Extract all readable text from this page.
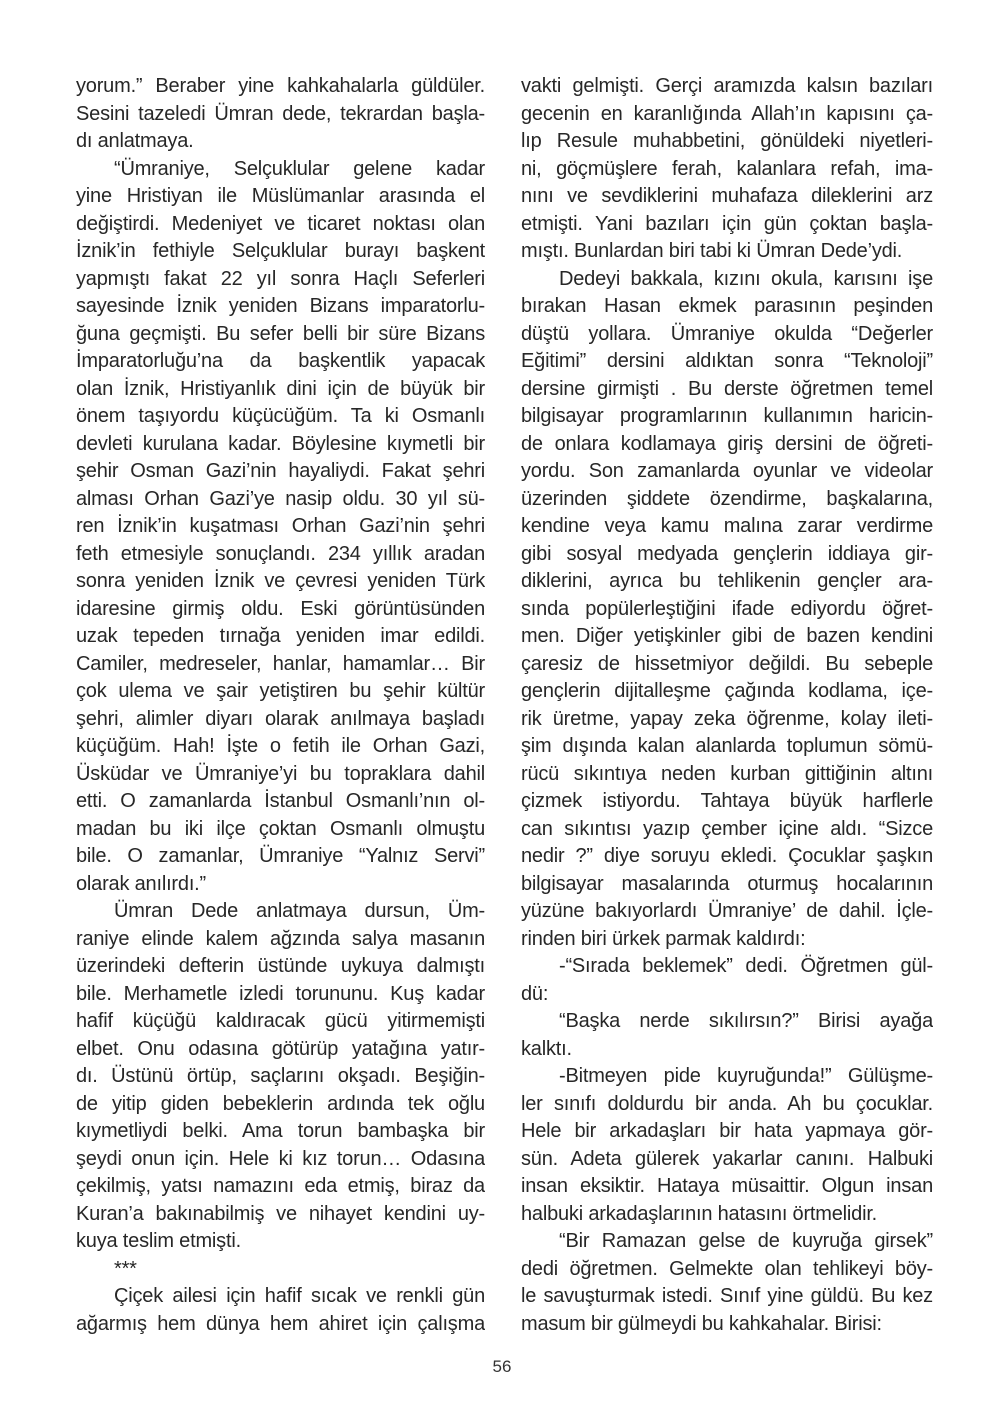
yorum.” Beraber yine kahkahalarla güldüler.
Sesini tazeledi Ümran dede, tekrardan başla-
dı anlatmaya.
“Ümraniye, Selçuklular gelene kadar
yine Hristiyan ile Müslümanlar arasında el
değiştirdi. Medeniyet ve ticaret noktası olan
İznik’in fethiyle Selçuklular burayı başkent
yapmıştı fakat 22 yıl sonra Haçlı Seferleri
sayesinde İznik yeniden Bizans imparatorlu-
ğuna geçmişti. Bu sefer belli bir süre Bizans
İmparatorluğu’na da başkentlik yapacak
olan İznik, Hristiyanlık dini için de büyük bir
önem taşıyordu küçücüğüm. Ta ki Osmanlı
devleti kurulana kadar. Böylesine kıymetli bir
şehir Osman Gazi’nin hayaliydi. Fakat şehri
alması Orhan Gazi’ye nasip oldu. 30 yıl sü-
ren İznik’in kuşatması Orhan Gazi’nin şehri
feth etmesiyle sonuçlandı. 234 yıllık aradan
sonra yeniden İznik ve çevresi yeniden Türk
idaresine girmiş oldu. Eski görüntüsünden
uzak tepeden tırnağa yeniden imar edildi.
Camiler, medreseler, hanlar, hamamlar… Bir
çok ulema ve şair yetiştiren bu şehir kültür
şehri, alimler diyarı olarak anılmaya başladı
küçüğüm. Hah! İşte o fetih ile Orhan Gazi,
Üsküdar ve Ümraniye’yi bu topraklara dahil
etti. O zamanlarda İstanbul Osmanlı’nın ol-
madan bu iki ilçe çoktan Osmanlı olmuştu
bile. O zamanlar, Ümraniye “Yalnız Servi”
olarak anılırdı.”
Ümran Dede anlatmaya dursun, Üm-
raniye elinde kalem ağzında salya masanın
üzerindeki defterin üstünde uykuya dalmıştı
bile. Merhametle izledi torununu. Kuş kadar
hafif küçüğü kaldıracak gücü yitirmemişti
elbet. Onu odasına götürüp yatağına yatır-
dı. Üstünü örtüp, saçlarını okşadı. Beşiğin-
de yitip giden bebeklerin ardında tek oğlu
kıymetliydi belki. Ama torun bambaşka bir
şeydi onun için. Hele ki kız torun… Odasına
çekilmiş, yatsı namazını eda etmiş, biraz da
Kuran’a bakınabilmiş ve nihayet kendini uy-
kuya teslim etmişti.
***
Çiçek ailesi için hafif sıcak ve renkli gün
ağarmış hem dünya hem ahiret için çalışma
vakti gelmişti. Gerçi aramızda kalsın bazıları
gecenin en karanlığında Allah’ın kapısını ça-
lıp Resule muhabbetini, gönüldeki niyetleri-
ni, göçmüşlere ferah, kalanlara refah, ima-
nını ve sevdiklerini muhafaza dileklerini arz
etmişti. Yani bazıları için gün çoktan başla-
mıştı. Bunlardan biri tabi ki Ümran Dede’ydi.
Dedeyi bakkala, kızını okula, karısını işe
bırakan Hasan ekmek parasının peşinden
düştü yollara. Ümraniye okulda “Değerler
Eğitimi” dersini aldıktan sonra “Teknoloji”
dersine girmişti . Bu derste öğretmen temel
bilgisayar programlarının kullanımın haricin-
de onlara kodlamaya giriş dersini de öğreti-
yordu. Son zamanlarda oyunlar ve videolar
üzerinden şiddete özendirme, başkalarına,
kendine veya kamu malına zarar verdirme
gibi sosyal medyada gençlerin iddiaya gir-
diklerini, ayrıca bu tehlikenin gençler ara-
sında popülerleştiğini ifade ediyordu öğret-
men. Diğer yetişkinler gibi de bazen kendini
çaresiz de hissetmiyor değildi. Bu sebeple
gençlerin dijitalleşme çağında kodlama, içe-
rik üretme, yapay zeka öğrenme, kolay ileti-
şim dışında kalan alanlarda toplumun sömü-
rücü sıkıntıya neden kurban gittiğinin altını
çizmek istiyordu. Tahtaya büyük harflerle
can sıkıntısı yazıp çember içine aldı. “Sizce
nedir ?” diye soruyu ekledi. Çocuklar şaşkın
bilgisayar masalarında oturmuş hocalarının
yüzüne bakıyorlardı Ümraniye’ de dahil. İçle-
rinden biri ürkek parmak kaldırdı:
-“Sırada beklemek” dedi. Öğretmen gül-
dü:
“Başka nerde sıkılırsın?” Birisi ayağa
kalktı.
-Bitmeyen pide kuyruğunda!” Gülüşme-
ler sınıfı doldurdu bir anda. Ah bu çocuklar.
Hele bir arkadaşları bir hata yapmaya gör-
sün. Adeta gülerek yakarlar canını. Halbuki
insan eksiktir. Hataya müsaittir. Olgun insan
halbuki arkadaşlarının hatasını örtmelidir.
“Bir Ramazan gelse de kuyruğa girsek”
dedi öğretmen. Gelmekte olan tehlikeyi böy-
le savuşturmak istedi. Sınıf yine güldü. Bu kez
masum bir gülmeydi bu kahkahalar. Birisi:
56
